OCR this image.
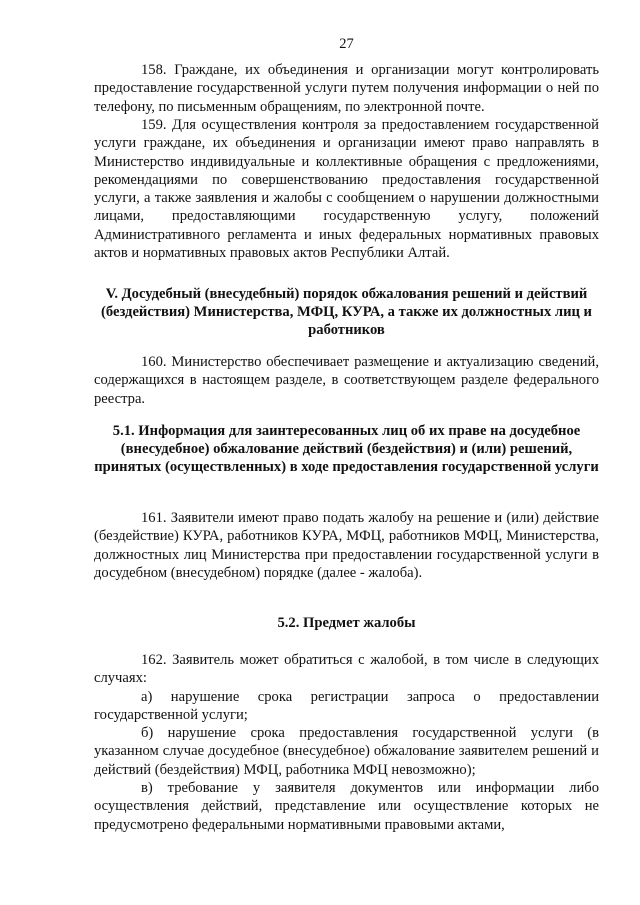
27

158. Граждане, их объединения и организации могут контролировать предоставление государственной услуги путем получения информации о ней по телефону, по письменным обращениям, по электронной почте.

159. Для осуществления контроля за предоставлением государственной услуги граждане, их объединения и организации имеют право направлять в Министерство индивидуальные и коллективные обращения с предложениями, рекомендациями по совершенствованию предоставления государственной услуги, а также заявления и жалобы с сообщением о нарушении должностными лицами, предоставляющими государственную услугу, положений Административного регламента и иных федеральных нормативных правовых актов и нормативных правовых актов Республики Алтай.

V. Досудебный (внесудебный) порядок обжалования решений и действий (бездействия) Министерства, МФЦ, КУРА, а также их должностных лиц и работников

160. Министерство обеспечивает размещение и актуализацию сведений, содержащихся в настоящем разделе, в соответствующем разделе федерального реестра.

5.1. Информация для заинтересованных лиц об их праве на досудебное (внесудебное) обжалование действий (бездействия) и (или) решений, принятых (осуществленных) в ходе предоставления государственной услуги

161. Заявители имеют право подать жалобу на решение и (или) действие (бездействие) КУРА, работников КУРА, МФЦ, работников МФЦ, Министерства, должностных лиц Министерства при предоставлении государственной услуги в досудебном (внесудебном) порядке (далее - жалоба).

5.2. Предмет жалобы

162. Заявитель может обратиться с жалобой, в том числе в следующих случаях:

а) нарушение срока регистрации запроса о предоставлении государственной услуги;

б) нарушение срока предоставления государственной услуги (в указанном случае досудебное (внесудебное) обжалование заявителем решений и действий (бездействия) МФЦ, работника МФЦ невозможно);

в) требование у заявителя документов или информации либо осуществления действий, представление или осуществление которых не предусмотрено федеральными нормативными правовыми актами,
